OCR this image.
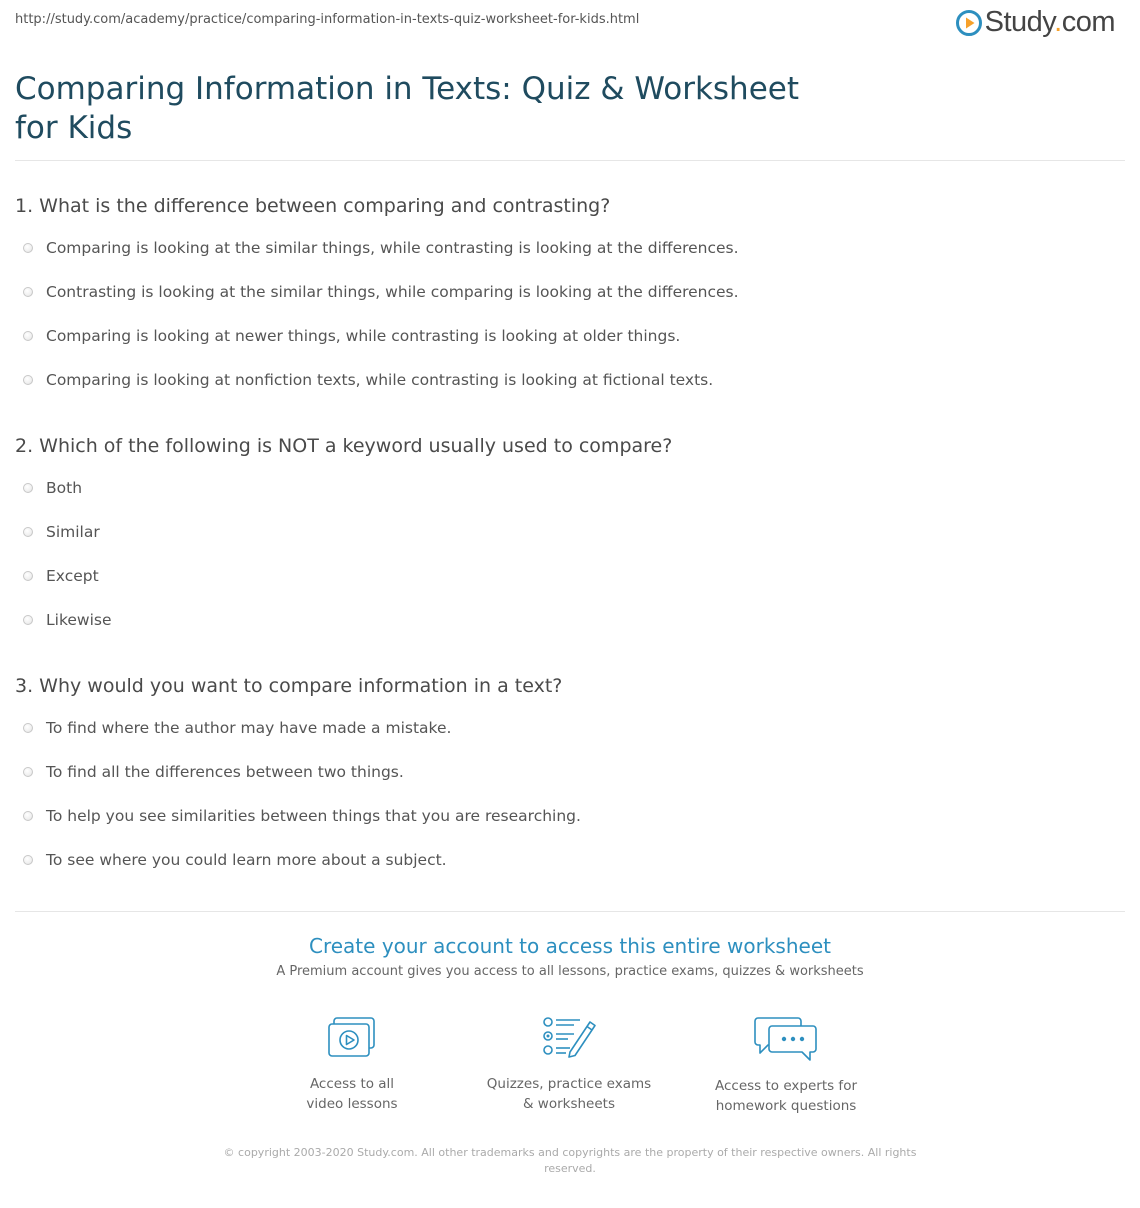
http://study.com/academy/practice/comparing-information-in-texts-quiz-worksheet-for-kids.html	Study.com
Comparing Information in Texts: Quiz & Worksheet for Kids
1. What is the difference between comparing and contrasting?
Comparing is looking at the similar things, while contrasting is looking at the differences.
Contrasting is looking at the similar things, while comparing is looking at the differences.
Comparing is looking at newer things, while contrasting is looking at older things.
Comparing is looking at nonfiction texts, while contrasting is looking at fictional texts.
2. Which of the following is NOT a keyword usually used to compare?
Both
Similar
Except
Likewise
3. Why would you want to compare information in a text?
To find where the author may have made a mistake.
To find all the differences between two things.
To help you see similarities between things that you are researching.
To see where you could learn more about a subject.
Create your account to access this entire worksheet
A Premium account gives you access to all lessons, practice exams, quizzes & worksheets
Access to all
video lessons
Quizzes, practice exams
& worksheets
Access to experts for
homework questions
© copyright 2003-2020 Study.com. All other trademarks and copyrights are the property of their respective owners. All rights reserved.
